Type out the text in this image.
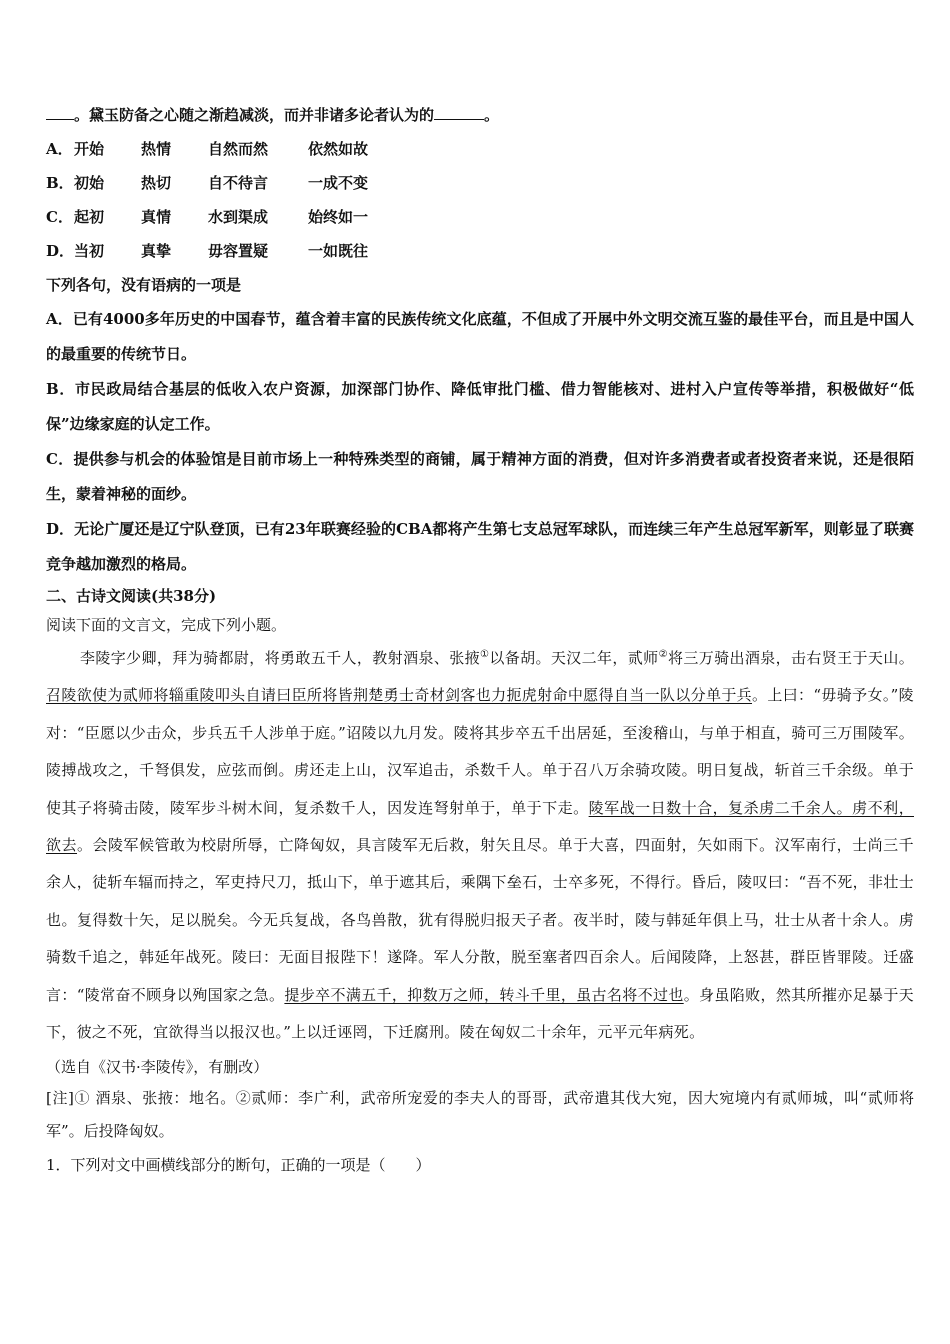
。黛玉防备之心随之渐趋减淡，而并非诸多论者认为的	。
A． 开始	热情	自然而然	依然如故
B． 初始	热切	自不待言	一成不变
C． 起初	真情	水到渠成	始终如一
D． 当初	真挚	毋容置疑	一如既往
下列各句，没有语病的一项是
A．已有4000多年历史的中国春节，蕴含着丰富的民族传统文化底蕴，不但成了开展中外文明交流互鉴的最佳平台，而且是中国人的最重要的传统节日。
B．市民政局结合基层的低收入农户资源，加深部门协作、降低审批门槛、借力智能核对、进村入户宣传等举措，积极做好“低保”边缘家庭的认定工作。
C．提供参与机会的体验馆是目前市场上一种特殊类型的商铺，属于精神方面的消费，但对许多消费者或者投资者来说，还是很陌生，蒙着神秘的面纱。
D．无论广厦还是辽宁队登顶，已有23年联赛经验的CBA都将产生第七支总冠军球队，而连续三年产生总冠军新军，则彰显了联赛竞争越加激烈的格局。
二、古诗文阅读(共38分)
阅读下面的文言文，完成下列小题。
李陵字少卿，拜为骑都尉，将勇敢五千人，教射酒泉、张掖①以备胡。天汉二年，贰师②将三万骑出酒泉，击右贤王于天山。召陵欲使为贰师将辎重陵叩头自请曰臣所将皆荆楚勇士奇材剑客也力扼虎射命中愿得自当一队以分单于兵。上曰：“毋骑予女。”陵对：“臣愿以少击众，步兵五千人涉单于庭。”诏陵以九月发。陵将其步卒五千出居延，至浚稽山，与单于相直，骑可三万围陵军。陵搏战攻之，千弩俱发，应弦而倒。虏还走上山，汉军追击，杀数千人。单于召八万余骑攻陵。明日复战，斩首三千余级。单于使其子将骑击陵，陵军步斗树木间，复杀数千人，因发连弩射单于，单于下走。陵军战一日数十合，复杀虏二千余人。虏不利，欲去。会陵军候管敢为校尉所辱，亡降匈奴，具言陵军无后救，射矢且尽。单于大喜，四面射，矢如雨下。汉军南行，士尚三千余人，徒斩车辐而持之，军吏持尺刀，抵山下，单于遮其后，乘隅下垒石，士卒多死，不得行。昏后，陵叹曰：“吾不死，非壮士也。复得数十矢，足以脱矣。今无兵复战，各鸟兽散，犹有得脱归报天子者。夜半时，陵与韩延年俱上马，壮士从者十余人。虏骑数千追之，韩延年战死。陵曰：无面目报陛下！遂降。军人分散，脱至塞者四百余人。后闻陵降，上怒甚，群臣皆罪陵。迁盛言：“陵常奋不顾身以殉国家之急。提步卒不满五千，抑数万之师，转斗千里，虽古名将不过也。身虽陷败，然其所摧亦足暴于天下，彼之不死，宜欲得当以报汉也。”上以迁诬罔，下迁腐刑。陵在匈奴二十余年，元平元年病死。
（选自《汉书·李陵传》，有删改）
[注]① 酒泉、张掖：地名。②贰师：李广利，武帝所宠爱的李夫人的哥哥，武帝遣其伐大宛，因大宛境内有贰师城，叫“贰师将军”。后投降匈奴。
1．下列对文中画横线部分的断句，正确的一项是（　　）
